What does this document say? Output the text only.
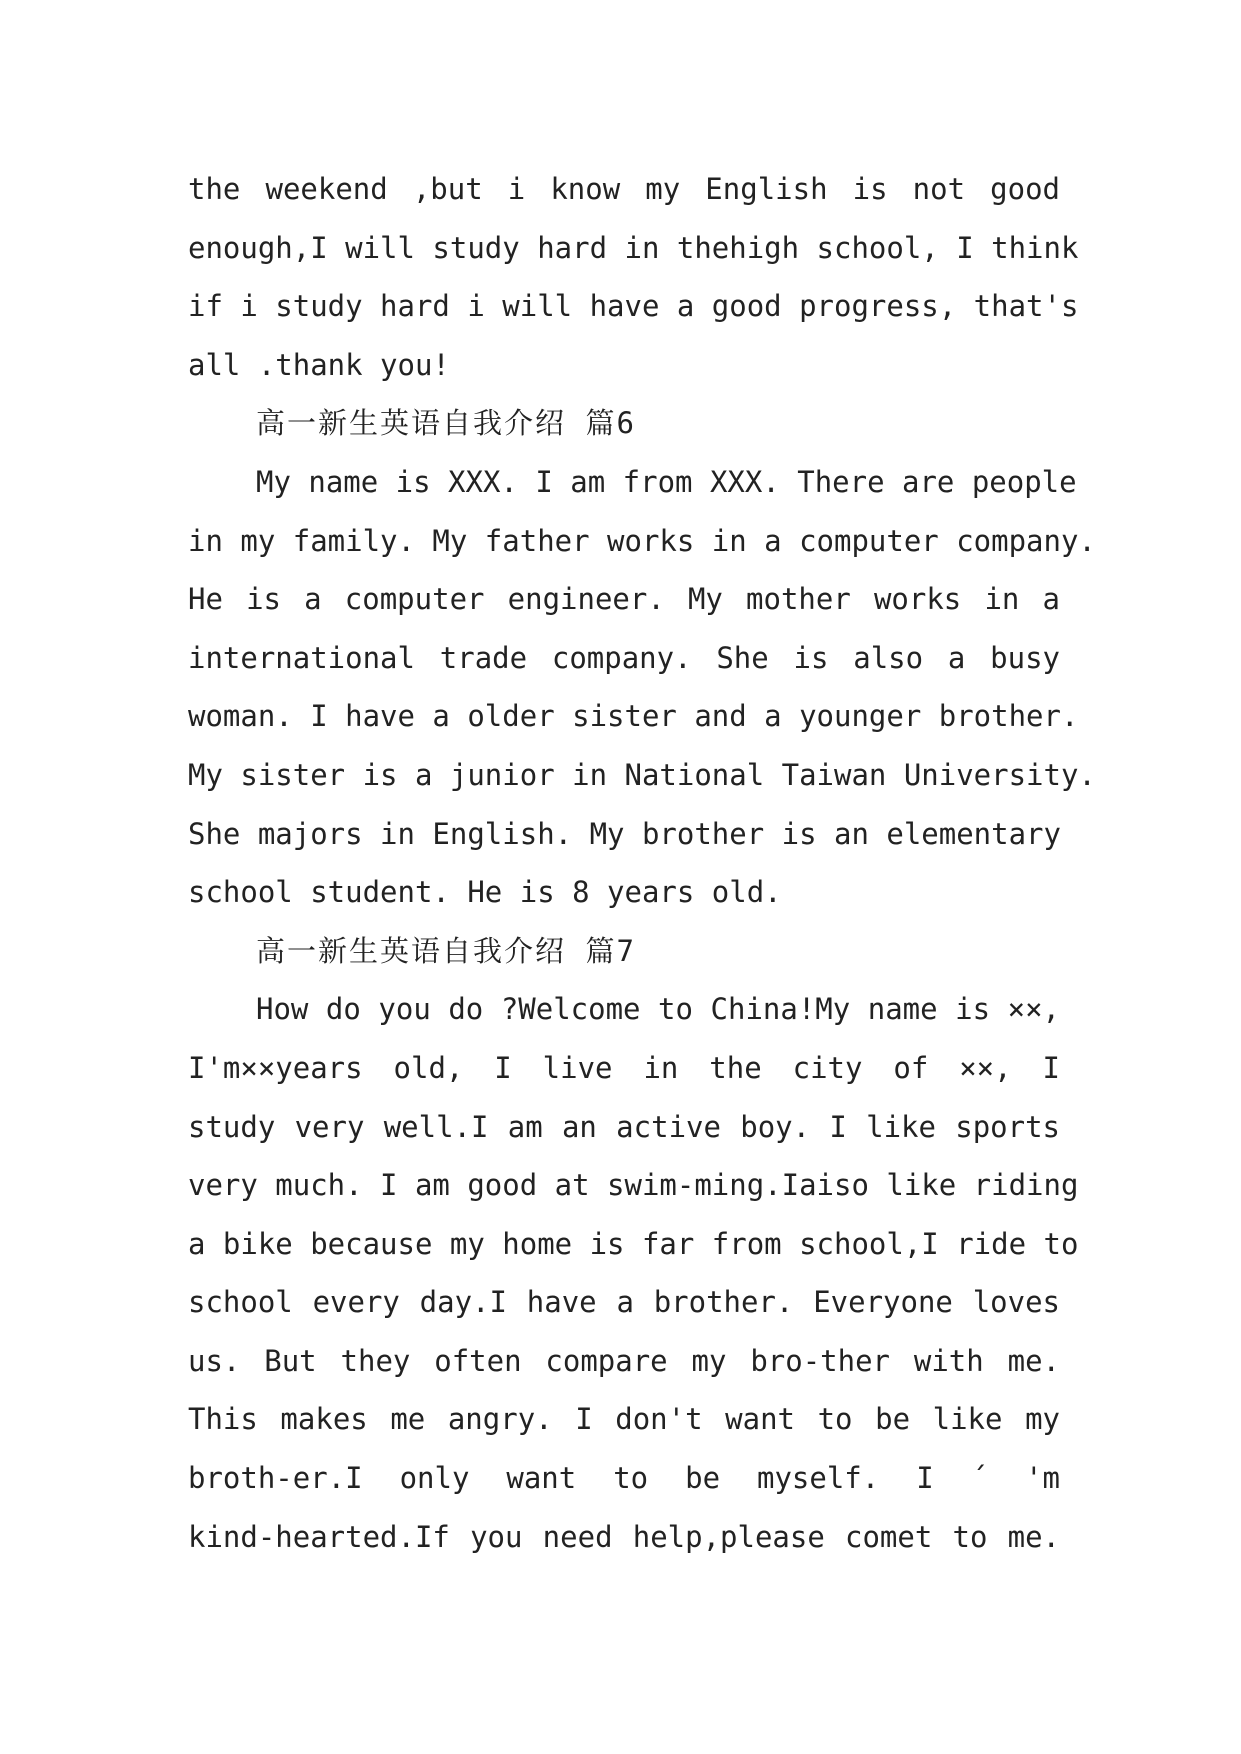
the weekend ,but i know my English is not good
enough,I will study hard in thehigh school, I think
if i study hard i will have a good progress, that's
all .thank you!
高一新生英语自我介绍 篇6
My name is XXX. I am from XXX. There are people
in my family. My father works in a computer company.
He is a computer engineer. My mother works in a
international trade company. She is also a busy
woman. I have a older sister and a younger brother.
My sister is a junior in National Taiwan University.
She majors in English. My brother is an elementary
school student. He is 8 years old.
高一新生英语自我介绍 篇7
How do you do ?Welcome to China!My name is ××,
I'm××years old, I live in the city of ××, I
study very well.I am an active boy. I like sports
very much. I am good at swim-ming.Iaiso like riding
a bike because my home is far from school,I ride to
school every day.I have a brother. Everyone loves
us. But they often compare my bro-ther with me.
This makes me angry. I don't want to be like my
broth-er.I only want to be myself. I ´ 'm
kind-hearted.If you need help,please comet to me.
